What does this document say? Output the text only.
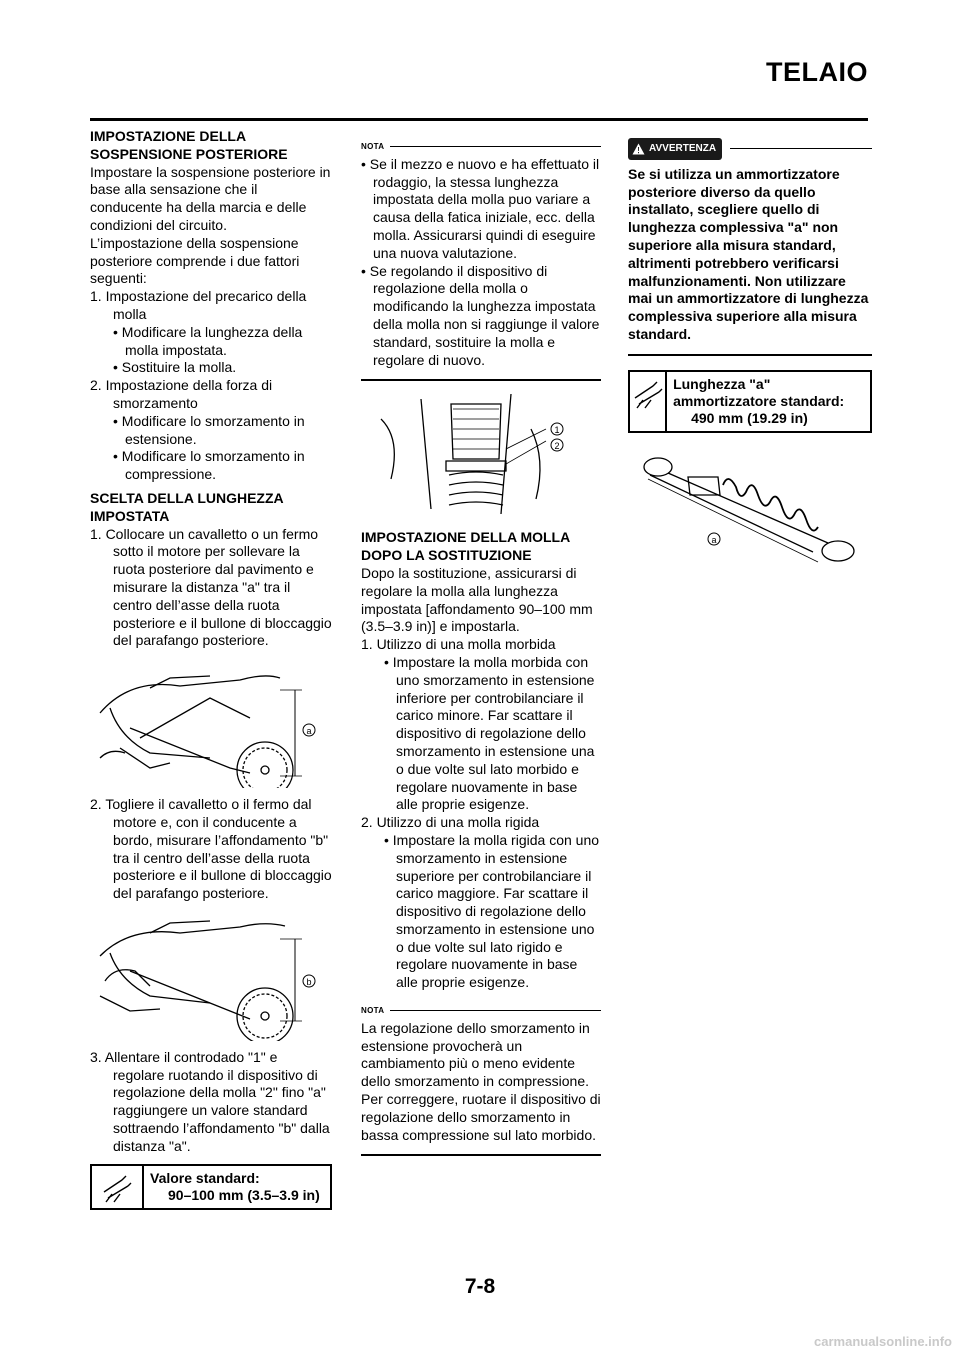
TELAIO

IMPOSTAZIONE DELLA SOSPENSIONE POSTERIORE

Impostare la sospensione posteriore in base alla sensazione che il conducente ha della marcia e delle condizioni del circuito.

L’impostazione della sospensione posteriore comprende i due fattori seguenti:

1. Impostazione del precarico della molla

• Modificare la lunghezza della molla impostata.
• Sostituire la molla.

2. Impostazione della forza di smorzamento

• Modificare lo smorzamento in estensione.
• Modificare lo smorzamento in compressione.

SCELTA DELLA LUNGHEZZA IMPOSTATA

1. Collocare un cavalletto o un fermo sotto il motore per sollevare la ruota posteriore dal pavimento e misurare la distanza "a" tra il centro dell’asse della ruota posteriore e il bullone di bloccaggio del parafango posteriore.

a

2. Togliere il cavalletto o il fermo dal motore e, con il conducente a bordo, misurare l’affondamento "b" tra il centro dell’asse della ruota posteriore e il bullone di bloccaggio del parafango posteriore.

b

3. Allentare il controdado "1" e regolare ruotando il dispositivo di regolazione della molla "2" fino "a" raggiungere un valore standard sottraendo l’affondamento "b" dalla distanza "a".

Valore standard:
90–100 mm (3.5–3.9 in)
NOTA
• Se il mezzo e nuovo e ha effettuato il rodaggio, la stessa lunghezza impostata della molla puo variare a causa della fatica iniziale, ecc. della molla. Assicurarsi quindi di eseguire una nuova valutazione.
• Se regolando il dispositivo di regolazione della molla o modificando la lunghezza impostata della molla non si raggiunge il valore standard, sostituire la molla e regolare di nuovo.
1
2

IMPOSTAZIONE DELLA MOLLA DOPO LA SOSTITUZIONE

Dopo la sostituzione, assicurarsi di regolare la molla alla lunghezza impostata [affondamento 90–100 mm (3.5–3.9 in)] e impostarla.

1. Utilizzo di una molla morbida

• Impostare la molla morbida con uno smorzamento in estensione inferiore per controbilanciare il carico minore. Far scattare il dispositivo di regolazione dello smorzamento in estensione una o due volte sul lato morbido e regolare nuovamente in base alle proprie esigenze.

2. Utilizzo di una molla rigida

• Impostare la molla rigida con uno smorzamento in estensione superiore per controbilanciare il carico maggiore. Far scattare il dispositivo di regolazione dello smorzamento in estensione uno o due volte sul lato rigido e regolare nuovamente in base alle proprie esigenze.
NOTA

La regolazione dello smorzamento in estensione provocherà un cambiamento più o meno evidente dello smorzamento in compressione. Per correggere, ruotare il dispositivo di regolazione dello smorzamento in bassa compressione sul lato morbido.

AVVERTENZA

Se si utilizza un ammortizzatore posteriore diverso da quello installato, scegliere quello di lunghezza complessiva "a" non superiore alla misura standard, altrimenti potrebbero verificarsi malfunzionamenti. Non utilizzare mai un ammortizzatore di lunghezza complessiva superiore alla misura standard.

Lunghezza "a" ammortizzatore standard:
490 mm (19.29 in)
a
7-8
carmanualsonline.info
